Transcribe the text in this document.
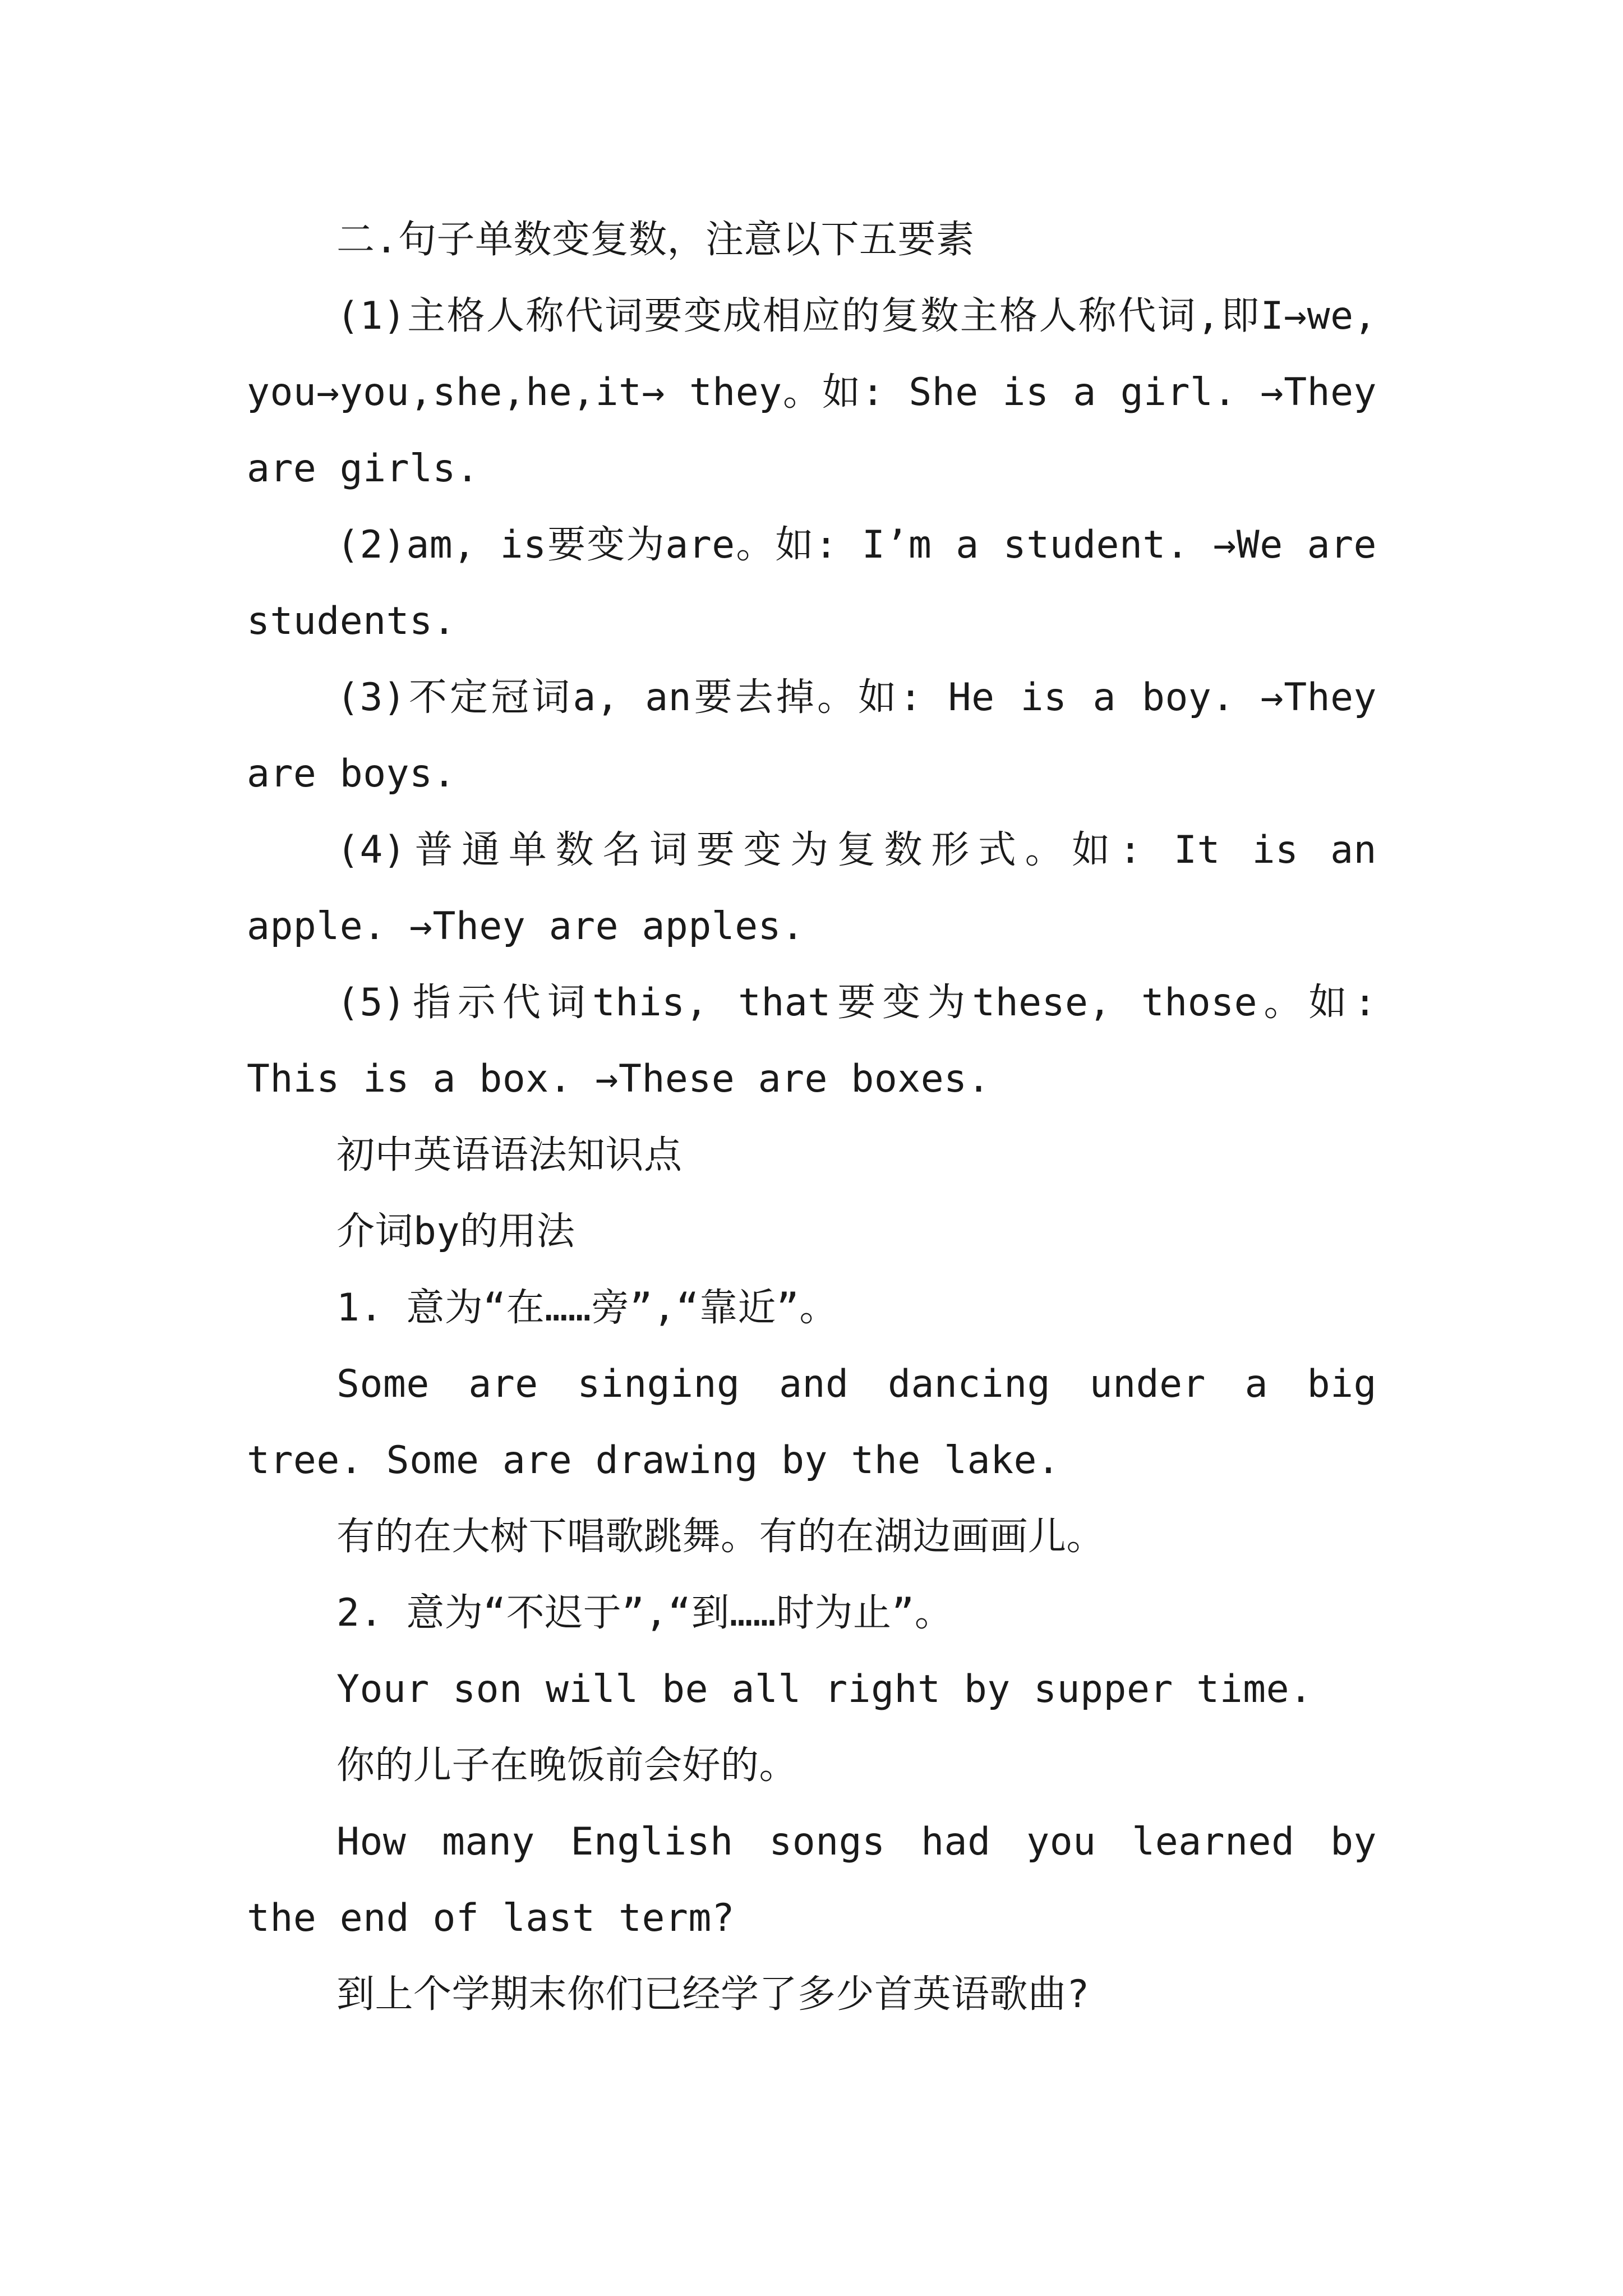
二.句子单数变复数，注意以下五要素

(1)主格人称代词要变成相应的复数主格人称代词,即I→we, you→you,she,he,it→ they。如: She is a girl. →They are girls.

(2)am, is要变为are。如: I’m a student. →We are students.

(3)不定冠词a, an要去掉。如: He is a boy. →They are boys.

(4)普通单数名词要变为复数形式。如: It is an apple. →They are apples.

(5)指示代词this, that要变为these, those。如: This is a box. →These are boxes.

初中英语语法知识点

介词by的用法

1. 意为“在……旁”,“靠近”。

Some are singing and dancing under a big tree. Some are drawing by the lake.

有的在大树下唱歌跳舞。有的在湖边画画儿。

2. 意为“不迟于”,“到……时为止”。

Your son will be all right by supper time.

你的儿子在晚饭前会好的。

How many English songs had you learned by the end of last term?

到上个学期末你们已经学了多少首英语歌曲?
